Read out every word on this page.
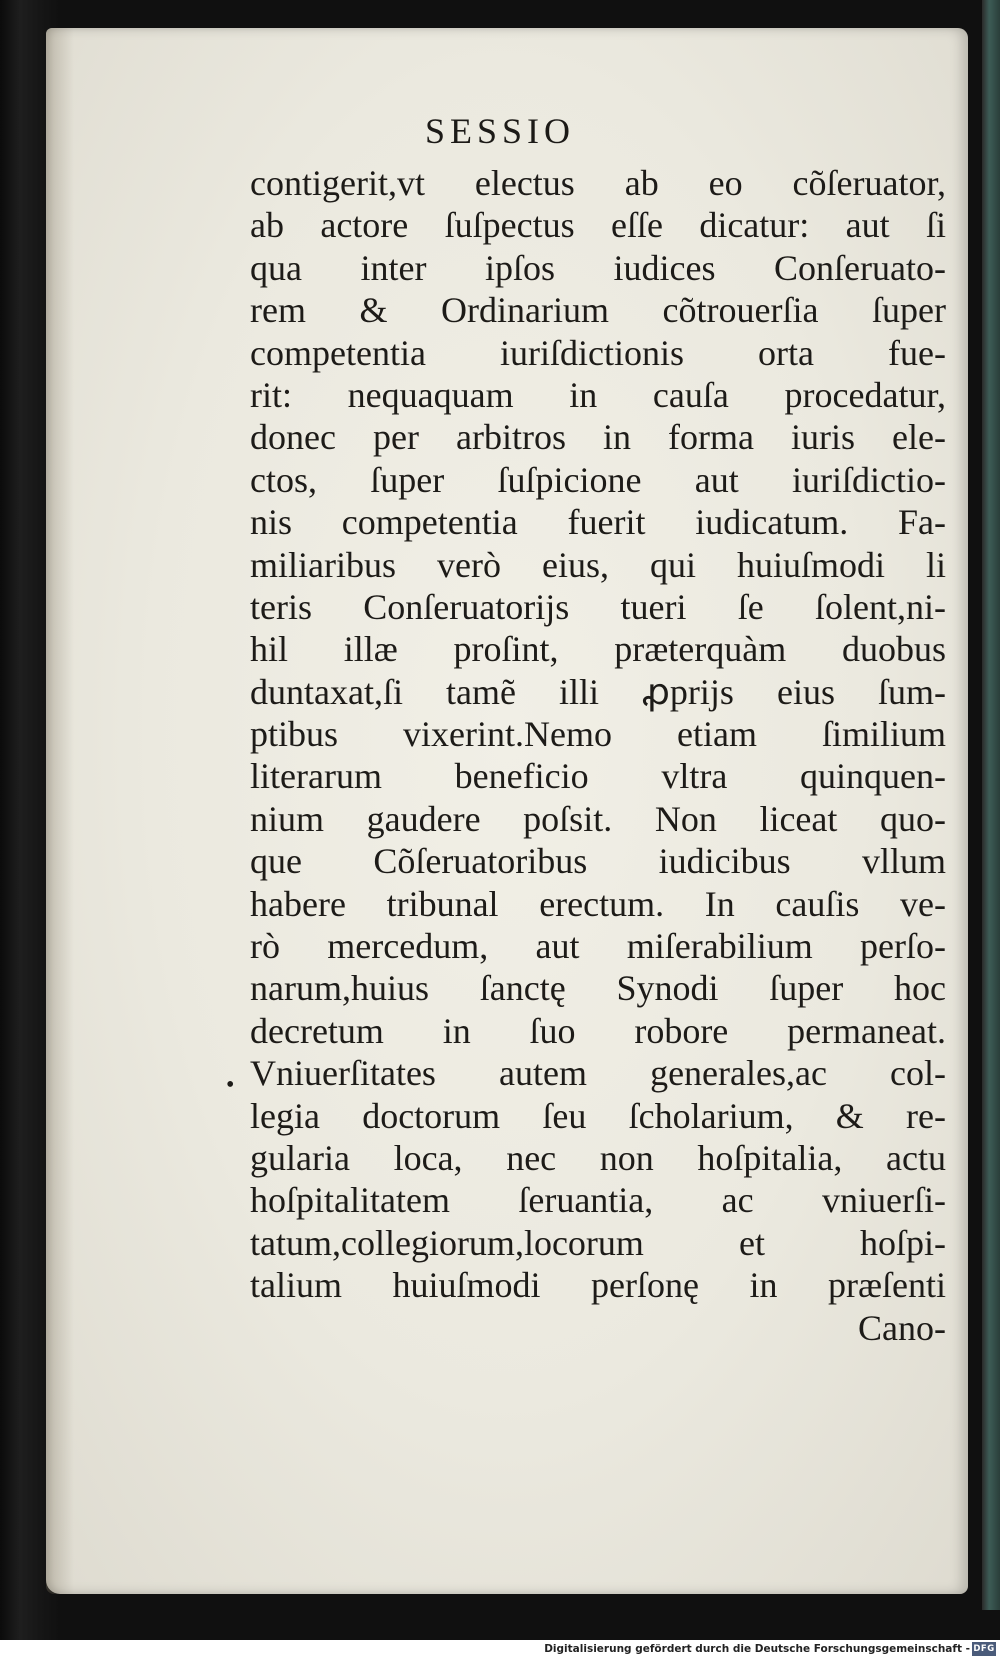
SESSIO
contigerit,vt electus ab eo cõſeruator,
ab actore ſuſpectus eſſe dicatur: aut ſi
qua inter ipſos iudices Conſeruato-
rem & Ordinarium cõtrouerſia ſuper
competentia iuriſdictionis orta fue-
rit: nequaquam in cauſa procedatur,
donec per arbitros in forma iuris ele-
ctos, ſuper ſuſpicione aut iuriſdictio-
nis competentia fuerit iudicatum. Fa-
miliaribus verò eius, qui huiuſmodi li
teris Conſeruatorijs tueri ſe ſolent,ni-
hil illæ proſint, præterquàm duobus
duntaxat,ſi tamẽ illi ꝓprijs eius ſum-
ptibus vixerint.Nemo etiam ſimilium
literarum beneficio vltra quinquen-
nium gaudere poſsit. Non liceat quo-
que Cõſeruatoribus iudicibus vllum
habere tribunal erectum. In cauſis ve-
rò mercedum, aut miſerabilium perſo-
narum,huius ſanctę Synodi ſuper hoc
decretum in ſuo robore permaneat.
Vniuerſitates autem generales,ac col-
legia doctorum ſeu ſcholarium, & re-
gularia loca, nec non hoſpitalia, actu
hoſpitalitatem ſeruantia, ac vniuerſi-
tatum,collegiorum,locorum et hoſpi-
talium huiuſmodi perſonę in præſenti
Cano-
•
Digitalisierung gefördert durch die Deutsche Forschungsgemeinschaft - DFG
